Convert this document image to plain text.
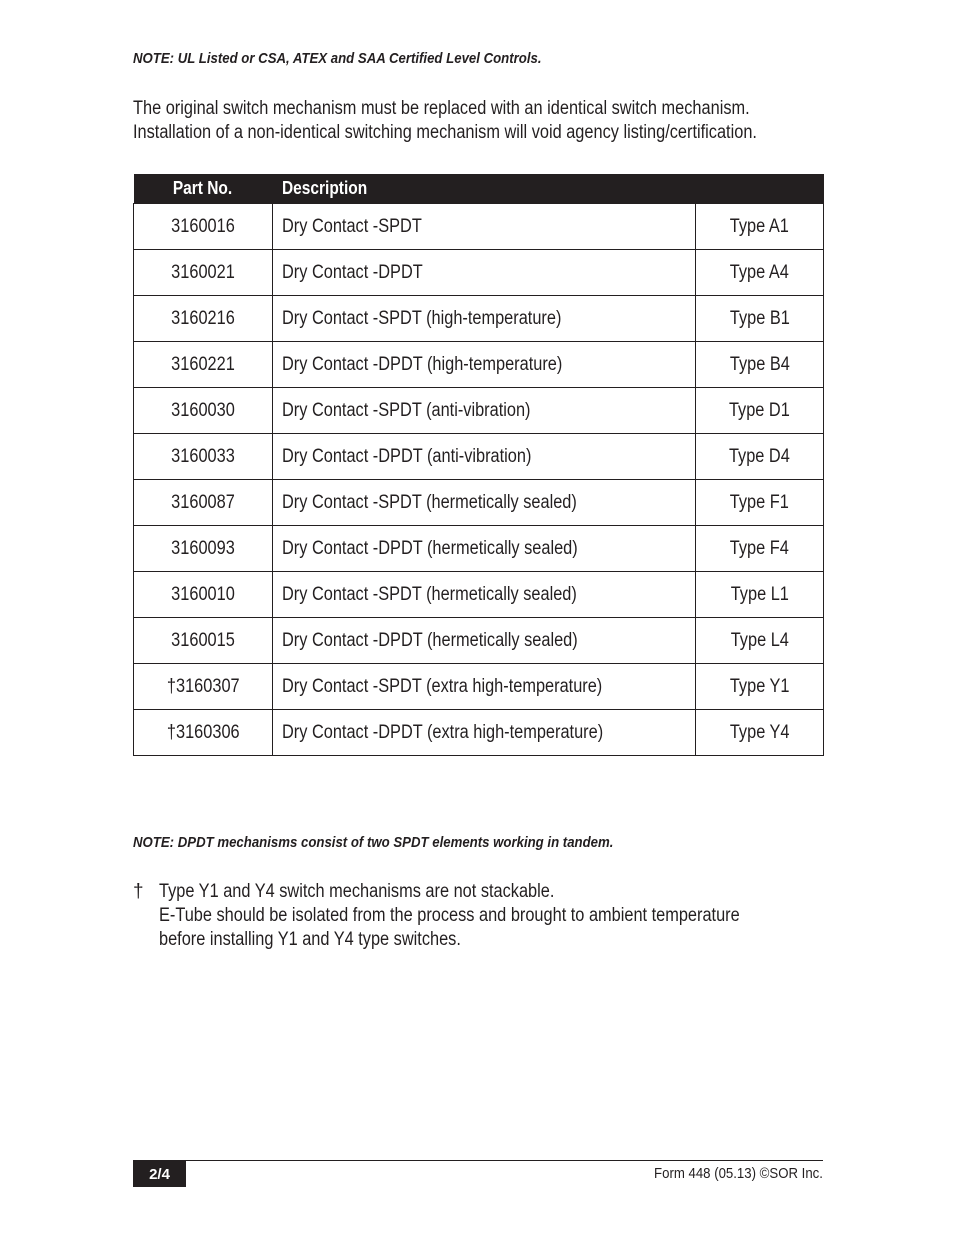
NOTE: UL Listed or CSA, ATEX and SAA Certified Level Controls.
The original switch mechanism must be replaced with an identical switch mechanism.
Installation of a non-identical switching mechanism will void agency listing/certification.
Part No.	Description	
3160016	Dry Contact -SPDT	Type A1
3160021	Dry Contact -DPDT	Type A4
3160216	Dry Contact -SPDT (high-temperature)	Type B1
3160221	Dry Contact -DPDT (high-temperature)	Type B4
3160030	Dry Contact -SPDT (anti-vibration)	Type D1
3160033	Dry Contact -DPDT (anti-vibration)	Type D4
3160087	Dry Contact -SPDT (hermetically sealed)	Type F1
3160093	Dry Contact -DPDT (hermetically sealed)	Type F4
3160010	Dry Contact -SPDT (hermetically sealed)	Type L1
3160015	Dry Contact -DPDT (hermetically sealed)	Type L4
†3160307	Dry Contact -SPDT (extra high-temperature)	Type Y1
†3160306	Dry Contact -DPDT (extra high-temperature)	Type Y4
NOTE: DPDT mechanisms consist of two SPDT elements working in tandem.
† Type Y1 and Y4 switch mechanisms are not stackable.
E-Tube should be isolated from the process and brought to ambient temperature
before installing Y1 and Y4 type switches.
2/4	Form 448 (05.13) ©SOR Inc.
